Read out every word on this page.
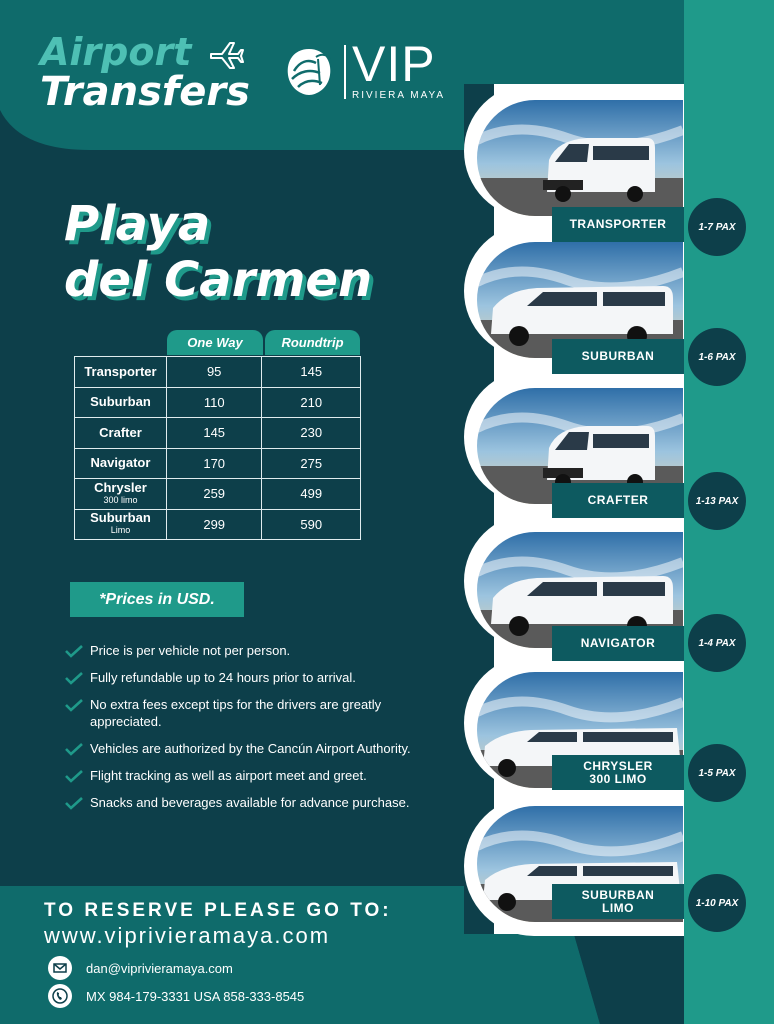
Airport
Transfers VIP
RIVIERA MAYA
Playa
del Carmen
One Way	Roundtrip
Transporter	95	145
Suburban	110	210
Crafter	145	230
Navigator	170	275
Chrysler
300 limo	259	499
Suburban
Limo	299	590
*Prices in USD.
Price is per vehicle not per person.
Fully refundable up to 24 hours prior to arrival.
No extra fees except tips for the drivers are greatly appreciated.
Vehicles are authorized by the Cancún Airport Authority.
Flight tracking as well as airport meet and greet.
Snacks and beverages available for advance purchase.
TO RESERVE PLEASE GO TO:
www.viprivieramaya.com
dan@viprivieramaya.com
MX 984-179-3331 USA 858-333-8545
TRANSPORTER	1-7 PAX
SUBURBAN	1-6 PAX
CRAFTER	1-13 PAX
NAVIGATOR	1-4 PAX
CHRYSLER
300 LIMO	1-5 PAX
SUBURBAN
LIMO	1-10 PAX
